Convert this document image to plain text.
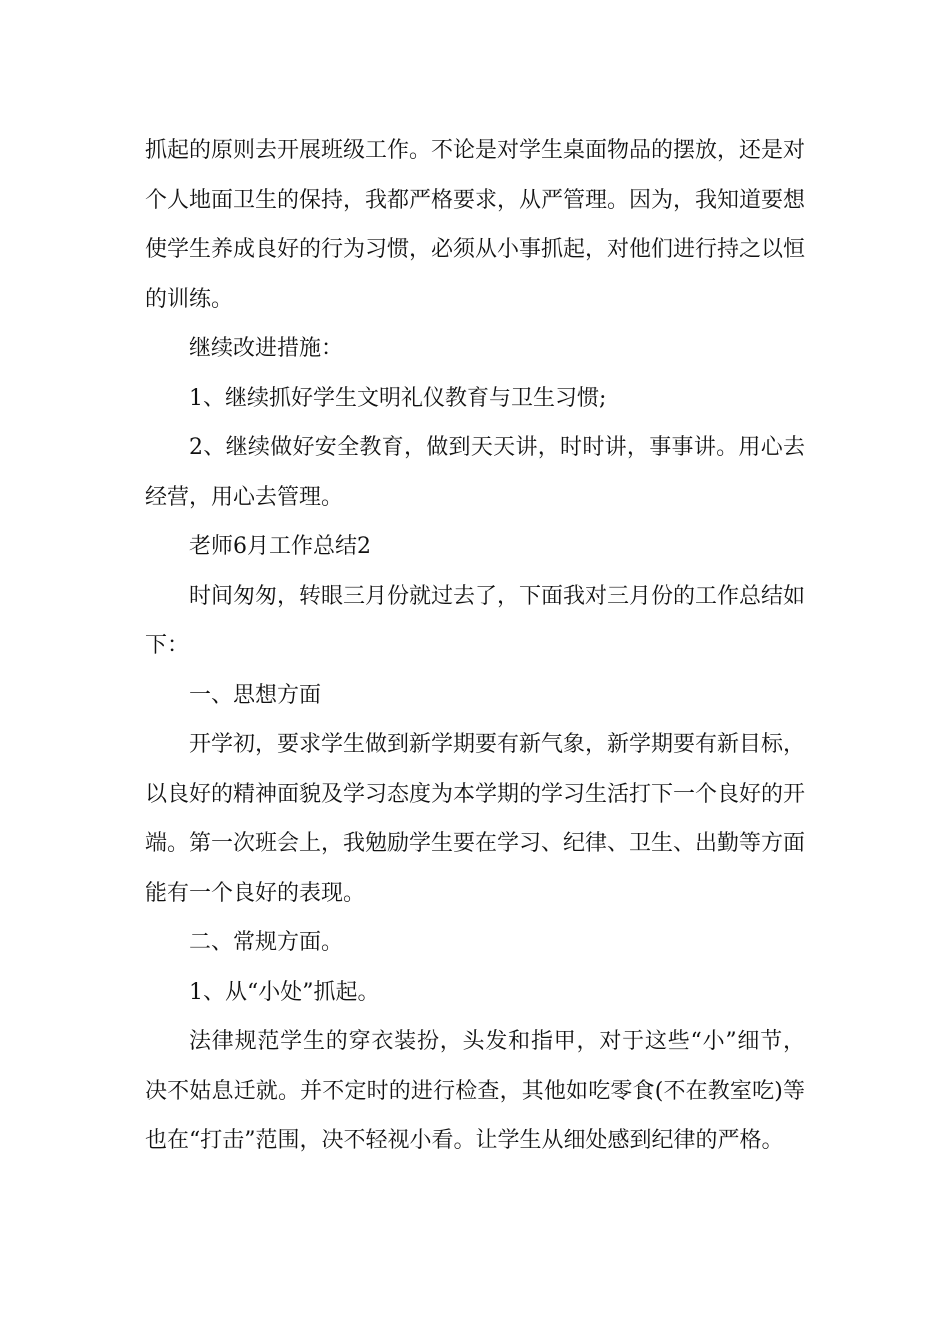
抓起的原则去开展班级工作。不论是对学生桌面物品的摆放，还是对个人地面卫生的保持，我都严格要求，从严管理。因为，我知道要想使学生养成良好的行为习惯，必须从小事抓起，对他们进行持之以恒的训练。

继续改进措施：

1、继续抓好学生文明礼仪教育与卫生习惯;

2、继续做好安全教育，做到天天讲，时时讲，事事讲。用心去经营，用心去管理。

老师6月工作总结2

时间匆匆，转眼三月份就过去了，下面我对三月份的工作总结如下：

一、思想方面

开学初，要求学生做到新学期要有新气象，新学期要有新目标，以良好的精神面貌及学习态度为本学期的学习生活打下一个良好的开端。第一次班会上，我勉励学生要在学习、纪律、卫生、出勤等方面能有一个良好的表现。

二、常规方面。

1、从“小处”抓起。

法律规范学生的穿衣装扮，头发和指甲，对于这些“小”细节，决不姑息迁就。并不定时的进行检查，其他如吃零食(不在教室吃)等也在“打击”范围，决不轻视小看。让学生从细处感到纪律的严格。
